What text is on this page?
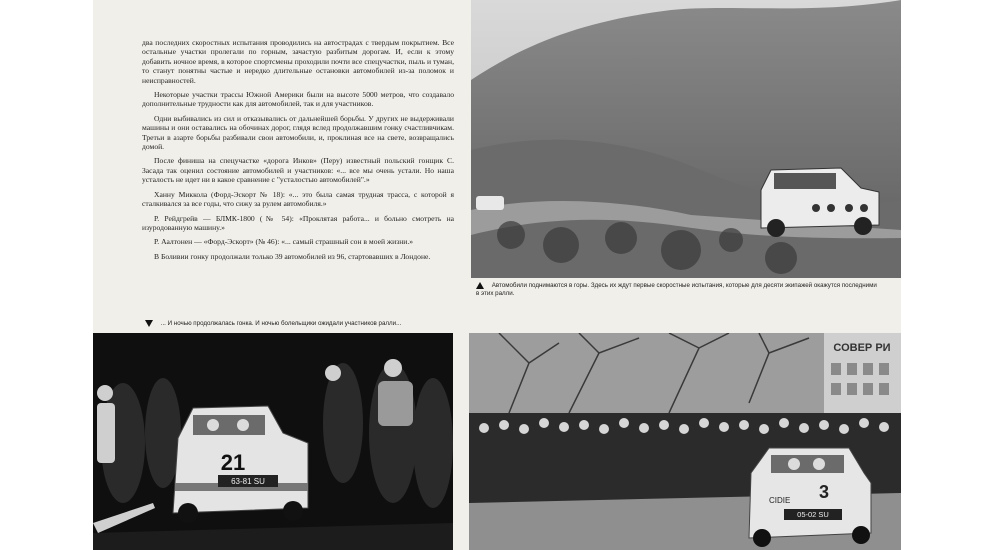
два последних скоростных испытания проводились на автострадах с твердым покрытием. Все остальные участки пролегали по горным, зачастую разбитым дорогам. И, если к этому добавить ночное время, в которое спортсмены проходили почти все спецучастки, пыль и туман, то станут понятны частые и нередко длительные остановки автомобилей из-за поломок и неисправностей.

Некоторые участки трассы Южной Америки были на высоте 5000 метров, что создавало дополнительные трудности как для автомобилей, так и для участников.

Одни выбивались из сил и отказывались от дальнейшей борьбы. У других не выдерживали машины и они оставались на обочинах дорог, глядя вслед продолжавшим гонку счастливчикам. Третьи в азарте борьбы разбивали свои автомобили, и, проклиная все на свете, возвращались домой.

После финиша на спецучастке «дорога Инков» (Перу) известный польский гонщик С. Засада так оценил состояние автомобилей и участников: «... все мы очень устали. Но наша усталость не идет ни в какое сравнение с "усталостью автомобилей".»

Ханну Миккола (Форд-Эскорт № 18): «... это была самая трудная трасса, с которой я сталкивался за все годы, что сижу за рулем автомобиля.»

Р. Рейдгрейв — БЛМК-1800 (№ 54): «Проклятая работа... и больно смотреть на изуродованную машину.»

Р. Аалтонен — «Форд-Эскорт» (№ 46): «... самый страшный сон в моей жизни.»

В Боливии гонку продолжали только 39 автомобилей из 96, стартовавших в Лондоне.

Автомобили поднимаются в горы. Здесь их ждут первые скоростные испытания, которые для десяти экипажей окажутся последними в этих ралли.
... И ночью продолжалась гонка. И ночью болельщики ожидали участников ралли...
21
63-81 SU
СОВЕР РИ
CIDIE 3
05-02 SU
